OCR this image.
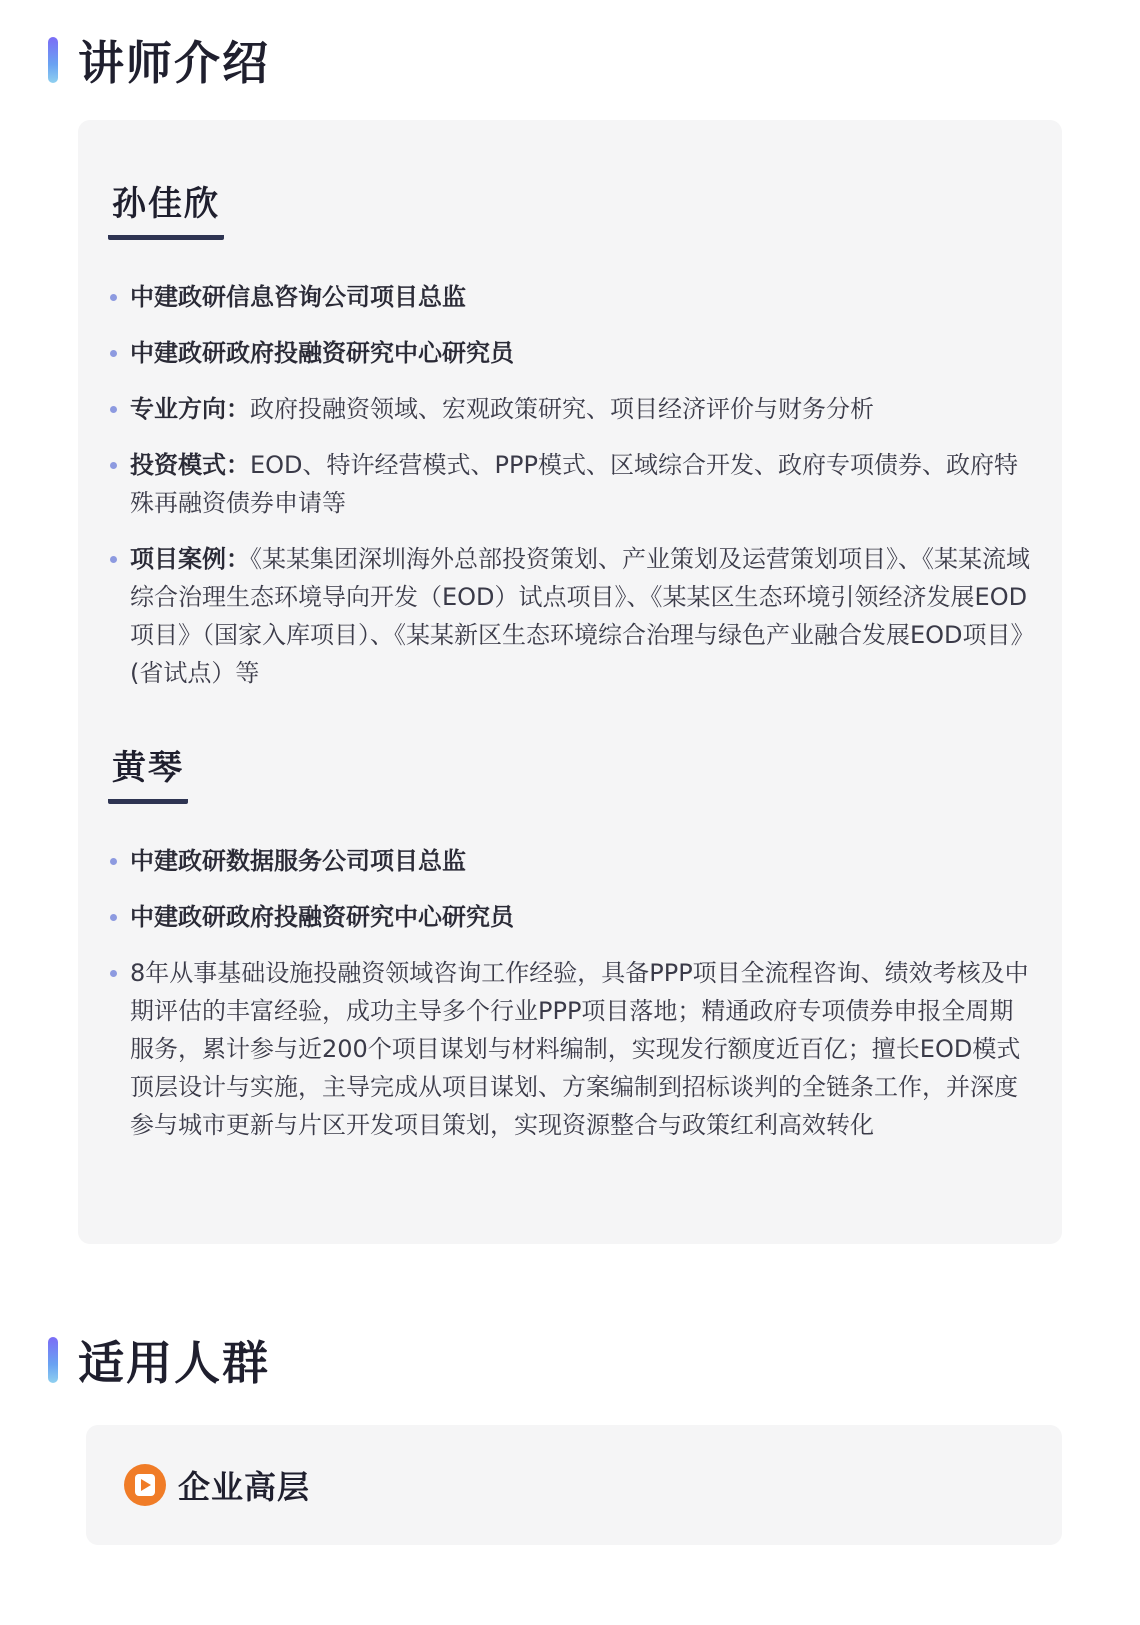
讲师介绍
孙佳欣
中建政研信息咨询公司项目总监
中建政研政府投融资研究中心研究员
专业方向：政府投融资领域、宏观政策研究、项目经济评价与财务分析
投资模式：EOD、特许经营模式、PPP模式、区域综合开发、政府专项债券、政府特殊再融资债券申请等
项目案例：《某某集团深圳海外总部投资策划、产业策划及运营策划项目》、《某某流域综合治理生态环境导向开发（EOD）试点项目》、《某某区生态环境引领经济发展EOD项目》（国家入库项目）、《某某新区生态环境综合治理与绿色产业融合发展EOD项目》(省试点）等
黄琴
中建政研数据服务公司项目总监
中建政研政府投融资研究中心研究员
8年从事基础设施投融资领域咨询工作经验，具备PPP项目全流程咨询、绩效考核及中期评估的丰富经验，成功主导多个行业PPP项目落地；精通政府专项债券申报全周期服务，累计参与近200个项目谋划与材料编制，实现发行额度近百亿；擅长EOD模式顶层设计与实施，主导完成从项目谋划、方案编制到招标谈判的全链条工作，并深度参与城市更新与片区开发项目策划，实现资源整合与政策红利高效转化
适用人群
企业高层
